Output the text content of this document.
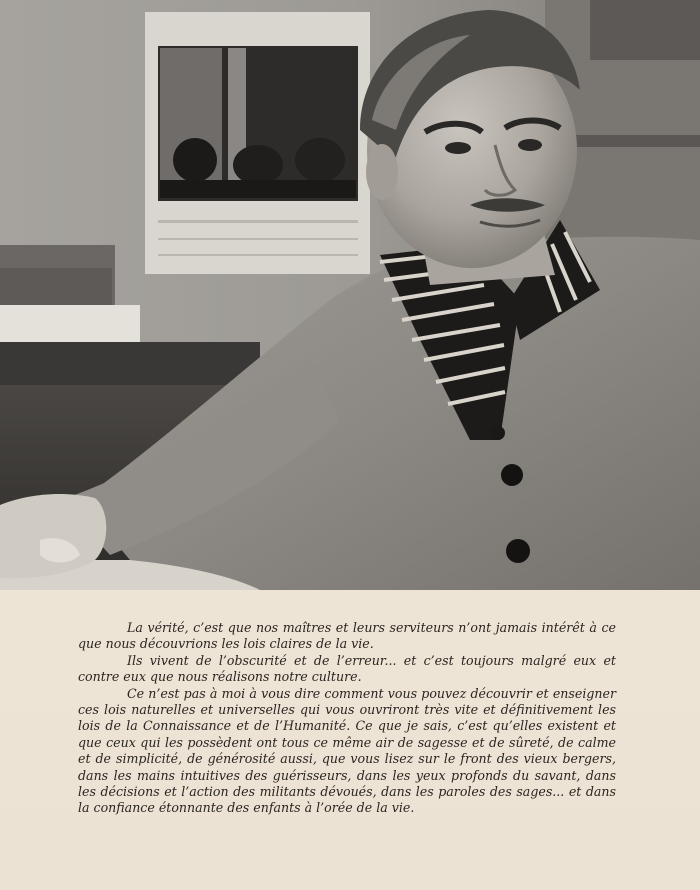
La vérité, c’est que nos maîtres et leurs serviteurs n’ont jamais intérêt à ce que nous découvrions les lois claires de la vie.

Ils vivent de l’obscurité et de l’erreur... et c’est toujours malgré eux et contre eux que nous réalisons notre culture.

Ce n’est pas à moi à vous dire comment vous pouvez découvrir et enseigner ces lois naturelles et universelles qui vous ouvriront très vite et définitivement les lois de la Connaissance et de l’Humanité. Ce que je sais, c’est qu’elles existent et que ceux qui les possèdent ont tous ce même air de sagesse et de sûreté, de calme et de simplicité, de générosité aussi, que vous lisez sur le front des vieux bergers, dans les mains intuitives des guérisseurs, dans les yeux profonds du savant, dans les décisions et l’action des militants dévoués, dans les paroles des sages... et dans la confiance étonnante des enfants à l’orée de la vie.
